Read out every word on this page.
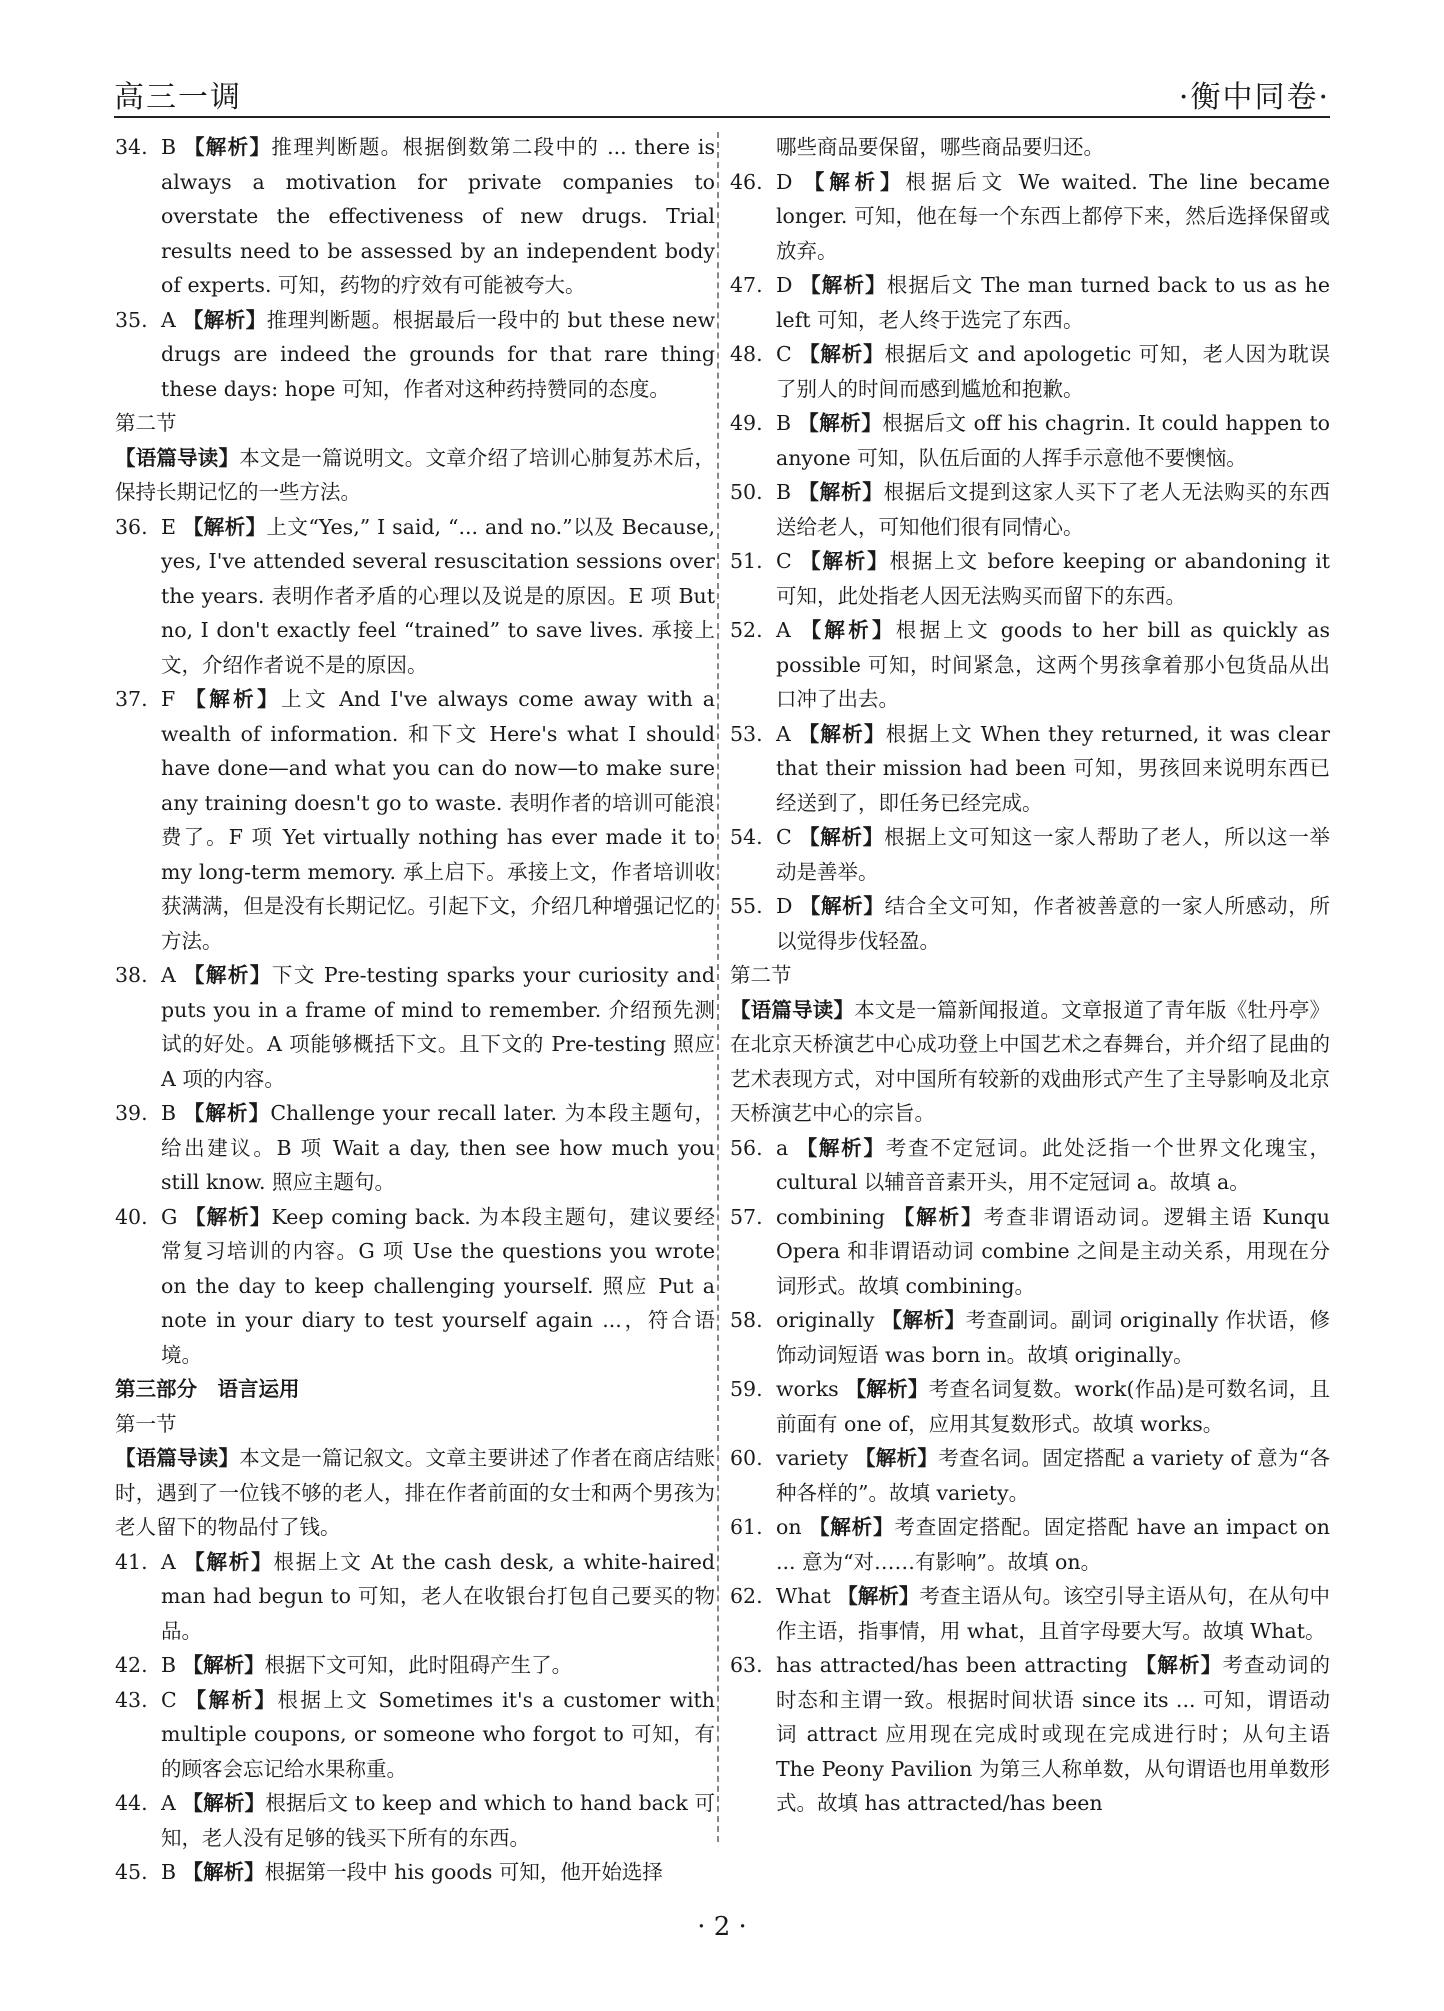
高三一调	·衡中同卷·
34. B 【解析】推理判断题。根据倒数第二段中的 ... there is always a motivation for private companies to overstate the effectiveness of new drugs. Trial results need to be assessed by an independent body of experts. 可知，药物的疗效有可能被夸大。
35. A 【解析】推理判断题。根据最后一段中的 but these new drugs are indeed the grounds for that rare thing these days: hope 可知，作者对这种药持赞同的态度。

第二节

【语篇导读】本文是一篇说明文。文章介绍了培训心肺复苏术后，保持长期记忆的一些方法。

36. E 【解析】上文“Yes,” I said, “... and no.”以及 Because, yes, I've attended several resuscitation sessions over the years. 表明作者矛盾的心理以及说是的原因。E 项 But no, I don't exactly feel “trained” to save lives. 承接上文，介绍作者说不是的原因。
37. F 【解析】上文 And I've always come away with a wealth of information. 和下文 Here's what I should have done—and what you can do now—to make sure any training doesn't go to waste. 表明作者的培训可能浪费了。F 项 Yet virtually nothing has ever made it to my long-term memory. 承上启下。承接上文，作者培训收获满满，但是没有长期记忆。引起下文，介绍几种增强记忆的方法。
38. A 【解析】下文 Pre-testing sparks your curiosity and puts you in a frame of mind to remember. 介绍预先测试的好处。A 项能够概括下文。且下文的 Pre-testing 照应 A 项的内容。
39. B 【解析】Challenge your recall later. 为本段主题句，给出建议。B 项 Wait a day, then see how much you still know. 照应主题句。
40. G 【解析】Keep coming back. 为本段主题句，建议要经常复习培训的内容。G 项 Use the questions you wrote on the day to keep challenging yourself. 照应 Put a note in your diary to test yourself again ...，符合语境。

第三部分　语言运用

第一节

【语篇导读】本文是一篇记叙文。文章主要讲述了作者在商店结账时，遇到了一位钱不够的老人，排在作者前面的女士和两个男孩为老人留下的物品付了钱。

41. A 【解析】根据上文 At the cash desk, a white-haired man had begun to 可知，老人在收银台打包自己要买的物品。
42. B 【解析】根据下文可知，此时阻碍产生了。
43. C 【解析】根据上文 Sometimes it's a customer with multiple coupons, or someone who forgot to 可知，有的顾客会忘记给水果称重。
44. A 【解析】根据后文 to keep and which to hand back 可知，老人没有足够的钱买下所有的东西。
45. B 【解析】根据第一段中 his goods 可知，他开始选择

哪些商品要保留，哪些商品要归还。

46. D 【解析】根据后文 We waited. The line became longer. 可知，他在每一个东西上都停下来，然后选择保留或放弃。
47. D 【解析】根据后文 The man turned back to us as he left 可知，老人终于选完了东西。
48. C 【解析】根据后文 and apologetic 可知，老人因为耽误了别人的时间而感到尴尬和抱歉。
49. B 【解析】根据后文 off his chagrin. It could happen to anyone 可知，队伍后面的人挥手示意他不要懊恼。
50. B 【解析】根据后文提到这家人买下了老人无法购买的东西送给老人，可知他们很有同情心。
51. C 【解析】根据上文 before keeping or abandoning it 可知，此处指老人因无法购买而留下的东西。
52. A 【解析】根据上文 goods to her bill as quickly as possible 可知，时间紧急，这两个男孩拿着那小包货品从出口冲了出去。
53. A 【解析】根据上文 When they returned, it was clear that their mission had been 可知，男孩回来说明东西已经送到了，即任务已经完成。
54. C 【解析】根据上文可知这一家人帮助了老人，所以这一举动是善举。
55. D 【解析】结合全文可知，作者被善意的一家人所感动，所以觉得步伐轻盈。

第二节

【语篇导读】本文是一篇新闻报道。文章报道了青年版《牡丹亭》在北京天桥演艺中心成功登上中国艺术之春舞台，并介绍了昆曲的艺术表现方式，对中国所有较新的戏曲形式产生了主导影响及北京天桥演艺中心的宗旨。

56. a 【解析】考查不定冠词。此处泛指一个世界文化瑰宝，cultural 以辅音音素开头，用不定冠词 a。故填 a。
57. combining 【解析】考查非谓语动词。逻辑主语 Kunqu Opera 和非谓语动词 combine 之间是主动关系，用现在分词形式。故填 combining。
58. originally 【解析】考查副词。副词 originally 作状语，修饰动词短语 was born in。故填 originally。
59. works 【解析】考查名词复数。work(作品)是可数名词，且前面有 one of，应用其复数形式。故填 works。
60. variety 【解析】考查名词。固定搭配 a variety of 意为“各种各样的”。故填 variety。
61. on 【解析】考查固定搭配。固定搭配 have an impact on ... 意为“对……有影响”。故填 on。
62. What 【解析】考查主语从句。该空引导主语从句，在从句中作主语，指事情，用 what，且首字母要大写。故填 What。
63. has attracted/has been attracting 【解析】考查动词的时态和主谓一致。根据时间状语 since its ... 可知，谓语动词 attract 应用现在完成时或现在完成进行时；从句主语 The Peony Pavilion 为第三人称单数，从句谓语也用单数形式。故填 has attracted/has been
· 2 ·
